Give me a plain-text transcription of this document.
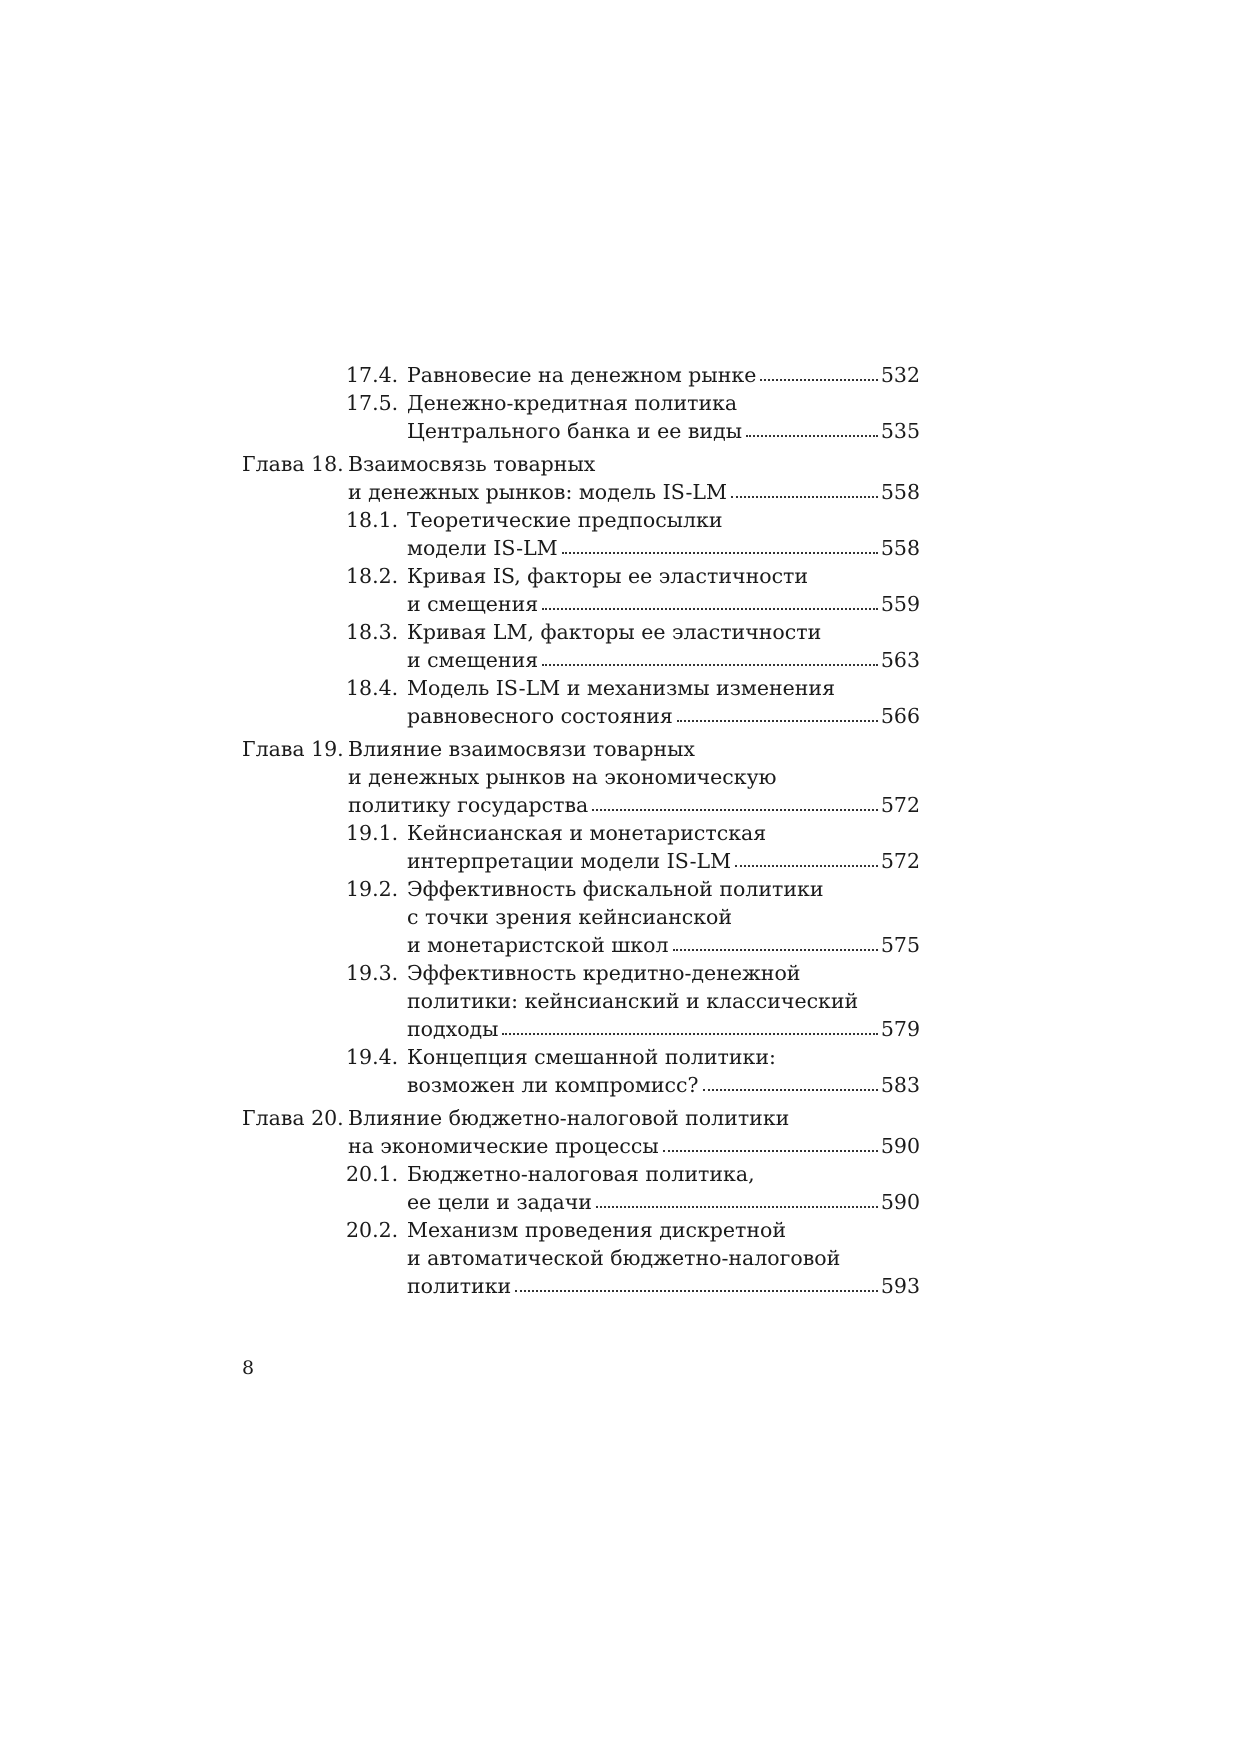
17.4. Равновесие на денежном рынке	532
17.5. Денежно-кредитная политика
Центрального банка и ее виды	535
Глава 18. Взаимосвязь товарных
и денежных рынков: модель IS-LM	558
18.1. Теоретические предпосылки
модели IS-LM	558
18.2. Кривая IS, факторы ее эластичности
и смещения	559
18.3. Кривая LM, факторы ее эластичности
и смещения	563
18.4. Модель IS-LM и механизмы изменения
равновесного состояния	566
Глава 19. Влияние взаимосвязи товарных
и денежных рынков на экономическую
политику государства	572
19.1. Кейнсианская и монетаристская
интерпретации модели IS-LM	572
19.2. Эффективность фискальной политики
с точки зрения кейнсианской
и монетаристской школ	575
19.3. Эффективность кредитно-денежной
политики: кейнсианский и классический
подходы	579
19.4. Концепция смешанной политики:
возможен ли компромисс?	583
Глава 20. Влияние бюджетно-налоговой политики
на экономические процессы	590
20.1. Бюджетно-налоговая политика,
ее цели и задачи	590
20.2. Механизм проведения дискретной
и автоматической бюджетно-налоговой
политики	593
8
